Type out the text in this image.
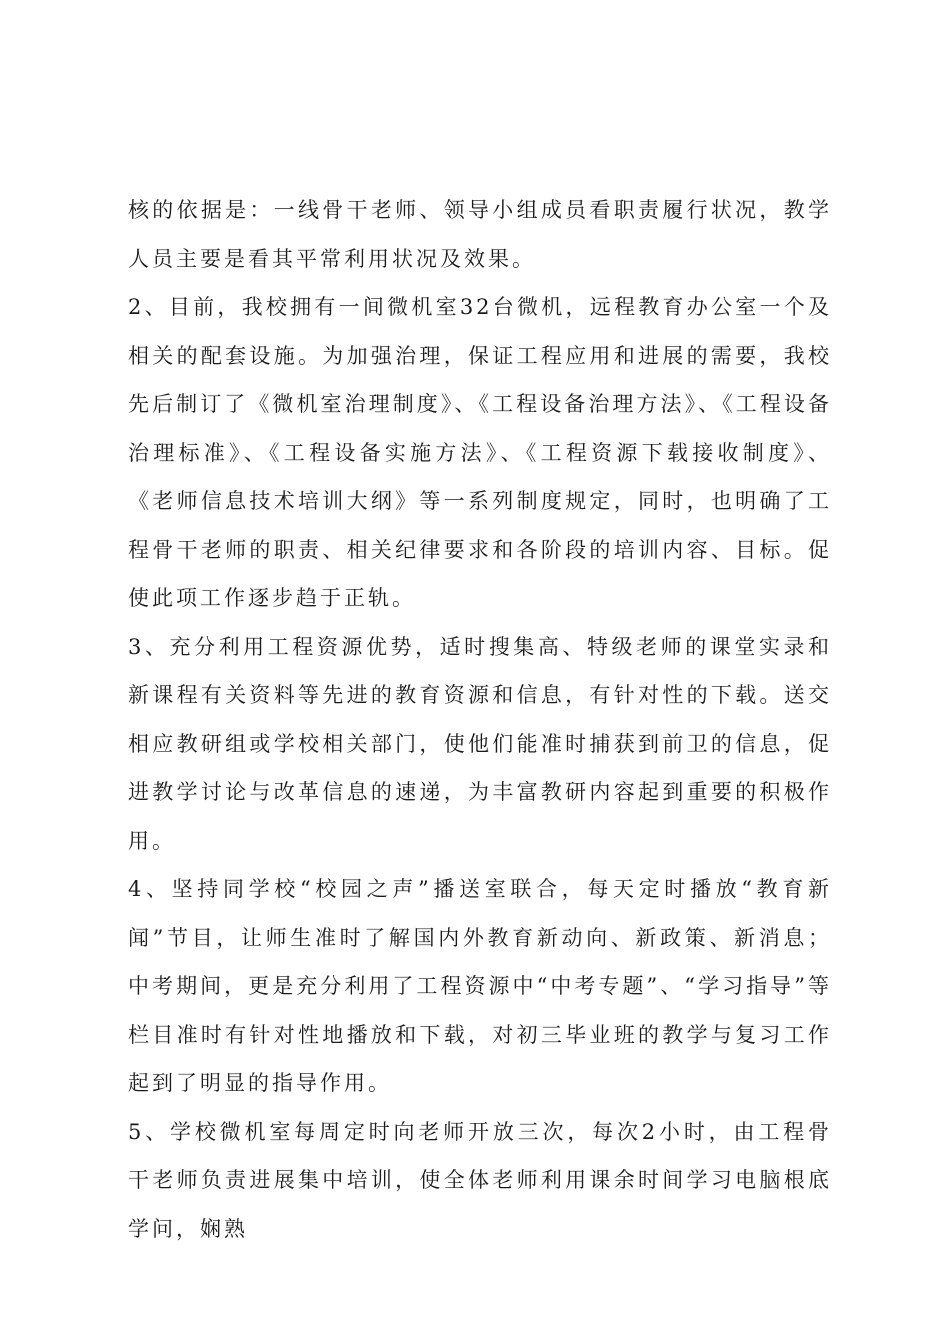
核的依据是：一线骨干老师、领导小组成员看职责履行状况，教学人员主要是看其平常利用状况及效果。

2、目前，我校拥有一间微机室32台微机，远程教育办公室一个及相关的配套设施。为加强治理，保证工程应用和进展的需要，我校先后制订了《微机室治理制度》、《工程设备治理方法》、《工程设备治理标准》、《工程设备实施方法》、《工程资源下载接收制度》、《老师信息技术培训大纲》等一系列制度规定，同时，也明确了工程骨干老师的职责、相关纪律要求和各阶段的培训内容、目标。促使此项工作逐步趋于正轨。

3、充分利用工程资源优势，适时搜集高、特级老师的课堂实录和新课程有关资料等先进的教育资源和信息，有针对性的下载。送交相应教研组或学校相关部门，使他们能准时捕获到前卫的信息，促进教学讨论与改革信息的速递，为丰富教研内容起到重要的积极作用。

4、坚持同学校“校园之声”播送室联合，每天定时播放“教育新闻”节目，让师生准时了解国内外教育新动向、新政策、新消息；中考期间，更是充分利用了工程资源中“中考专题”、“学习指导”等栏目准时有针对性地播放和下载，对初三毕业班的教学与复习工作起到了明显的指导作用。

5、学校微机室每周定时向老师开放三次，每次2小时，由工程骨干老师负责进展集中培训，使全体老师利用课余时间学习电脑根底学问，娴熟
